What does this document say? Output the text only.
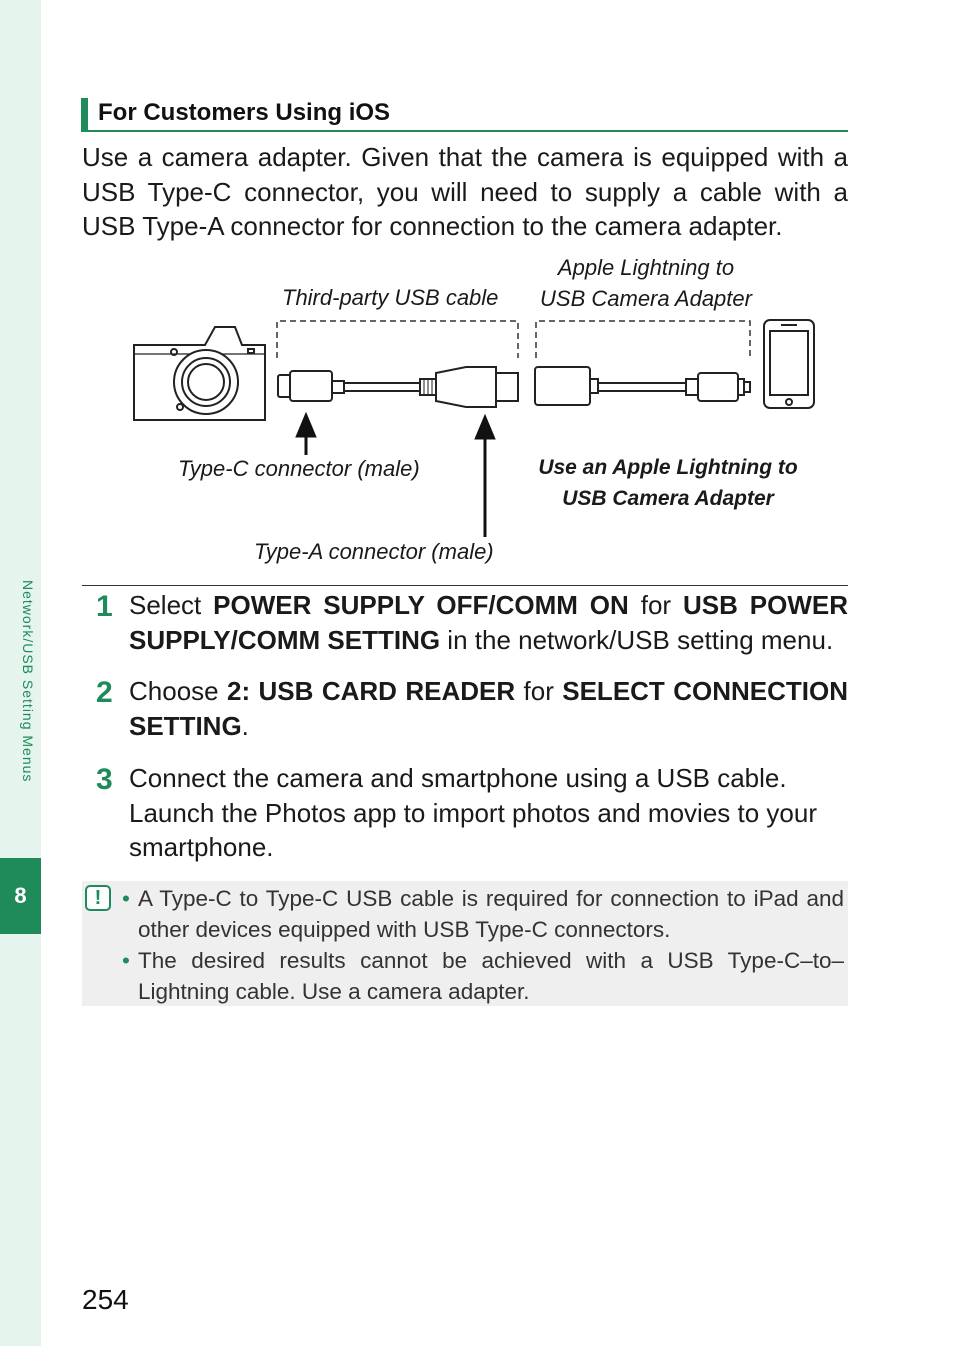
Network/USB Setting Menus
8
For Customers Using iOS
Use a camera adapter. Given that the camera is equipped with a USB Type-C connector, you will need to supply a cable with a USB Type-A connector for connection to the camera adapter.
Third-party USB cable
Apple Lightning to
USB Camera Adapter
Type-C connector (male)
Type-A connector (male)
Use an Apple Lightning to
USB Camera Adapter
1 Select POWER SUPPLY OFF/COMM ON for USB POWER SUPPLY/COMM SETTING in the network/USB setting menu.
2 Choose 2: USB CARD READER for SELECT CONNECTION SETTING.
3 Connect the camera and smartphone using a USB cable. Launch the Photos app to import photos and movies to your smartphone.
!
•	A Type-C to Type-C USB cable is required for connection to iPad and other devices equipped with USB Type-C connectors.
• The desired results cannot be achieved with a USB Type-C–to–Lightning cable. Use a camera adapter.
254
